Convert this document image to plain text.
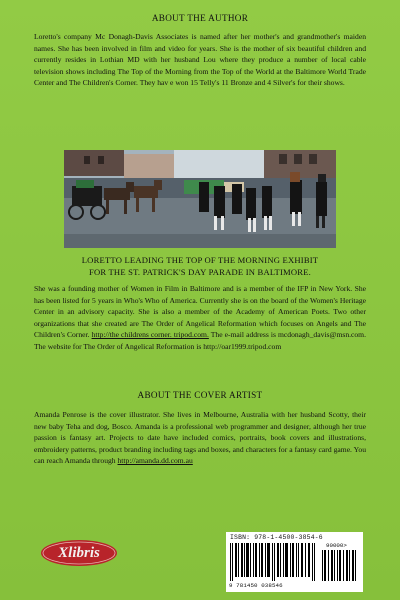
ABOUT THE AUTHOR
Loretto's company Mc Donagh-Davis Associates is named after her mother's and grandmother's maiden names. She has been involved in film and video for years. She is the mother of six beautiful children and currently resides in Lothian MD with her husband Lou where they produce a number of local cable television shows including The Top of the Morning from the Top of the World at the Baltimore World Trade Center and The Children's Corner. They hav e won 15 Telly's 11 Bronze and 4 Silver's for their shows.
LORETTO LEADING THE TOP OF THE MORNING EXHIBIT
FOR THE ST. PATRICK'S DAY PARADE IN BALTIMORE.
She was a founding mother of Women in Film in Baltimore and is a member of the IFP in New York. She has been listed for 5 years in Who's Who of America. Currently she is on the board of the Women's Heritage Center in an advisory capacity. She is also a member of the Academy of American Poets. Two other organizations that she created are The Order of Angelical Reformation which focuses on Angels and The Children's Corner. http://the childrens corner. tripod.com. The e-mail address is mcdonagh_davis@msn.com. The website for The Order of Angelical Reformation is http://oar1999.tripod.com
ABOUT THE COVER ARTIST
Amanda Penrose is the cover illustrator. She lives in Melbourne, Australia with her husband Scotty, their new baby Teha and dog, Bosco. Amanda is a professional web programmer and designer, although her true passion is fantasy art. Projects to date have included comics, portraits, book covers and illustrations, embroidery patterns, product branding including tags and boxes, and characters for a fantasy card game. You can reach Amanda through http://amanda.dd.com.au
Xlibris
ISBN: 978-1-4500-3854-6
90000>
9 781450 038546
